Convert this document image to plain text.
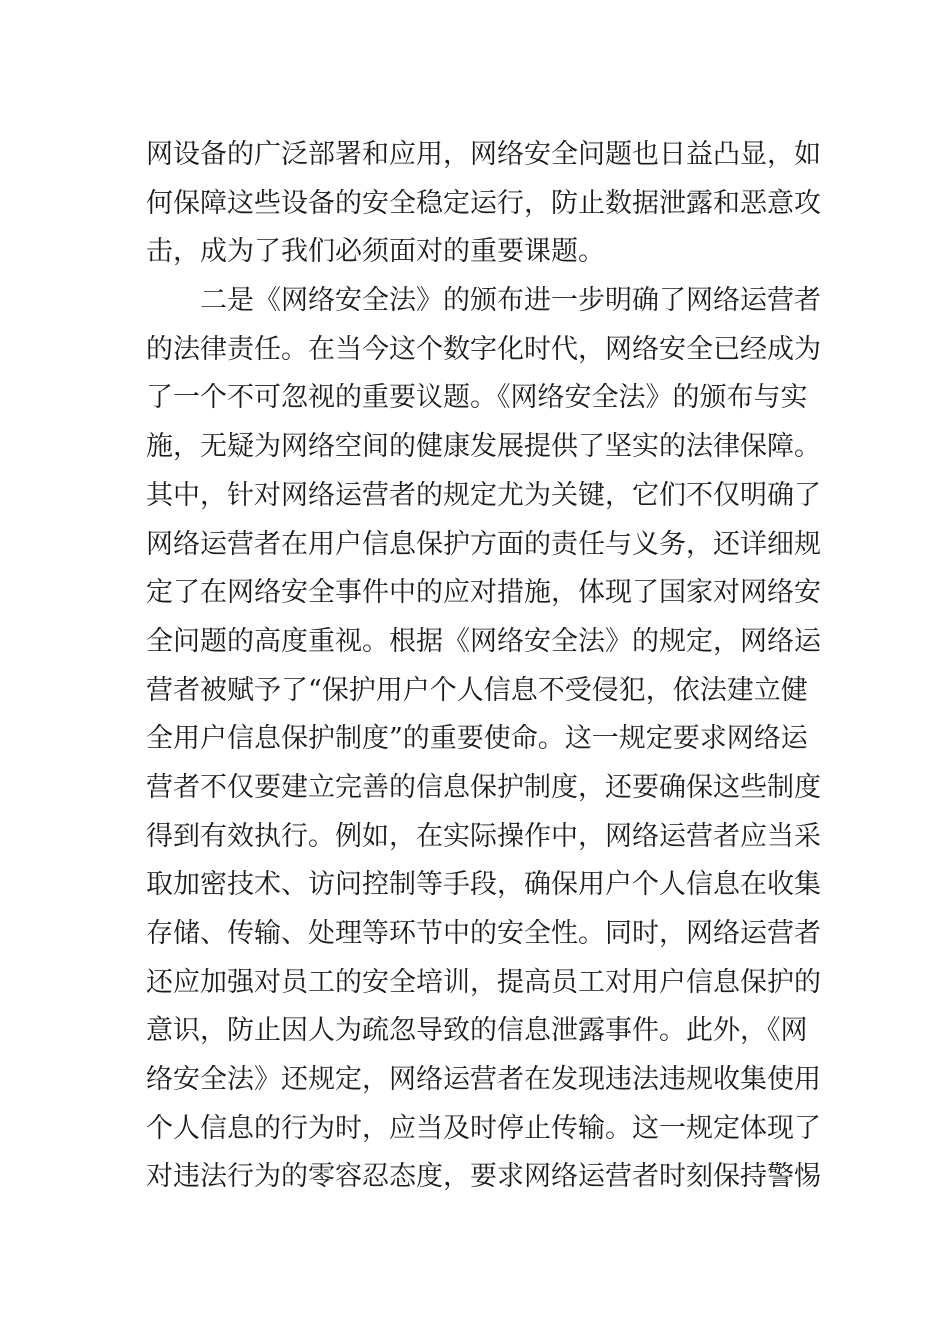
网设备的广泛部署和应用，网络安全问题也日益凸显，如
何保障这些设备的安全稳定运行，防止数据泄露和恶意攻
击，成为了我们必须面对的重要课题。
二是《网络安全法》的颁布进一步明确了网络运营者
的法律责任。在当今这个数字化时代，网络安全已经成为
了一个不可忽视的重要议题。《网络安全法》的颁布与实
施，无疑为网络空间的健康发展提供了坚实的法律保障。
其中，针对网络运营者的规定尤为关键，它们不仅明确了
网络运营者在用户信息保护方面的责任与义务，还详细规
定了在网络安全事件中的应对措施，体现了国家对网络安
全问题的高度重视。根据《网络安全法》的规定，网络运
营者被赋予了“保护用户个人信息不受侵犯，依法建立健
全用户信息保护制度”的重要使命。这一规定要求网络运
营者不仅要建立完善的信息保护制度，还要确保这些制度
得到有效执行。例如，在实际操作中，网络运营者应当采
取加密技术、访问控制等手段，确保用户个人信息在收集
存储、传输、处理等环节中的安全性。同时，网络运营者
还应加强对员工的安全培训，提高员工对用户信息保护的
意识，防止因人为疏忽导致的信息泄露事件。此外，《网
络安全法》还规定，网络运营者在发现违法违规收集使用
个人信息的行为时，应当及时停止传输。这一规定体现了
对违法行为的零容忍态度，要求网络运营者时刻保持警惕
